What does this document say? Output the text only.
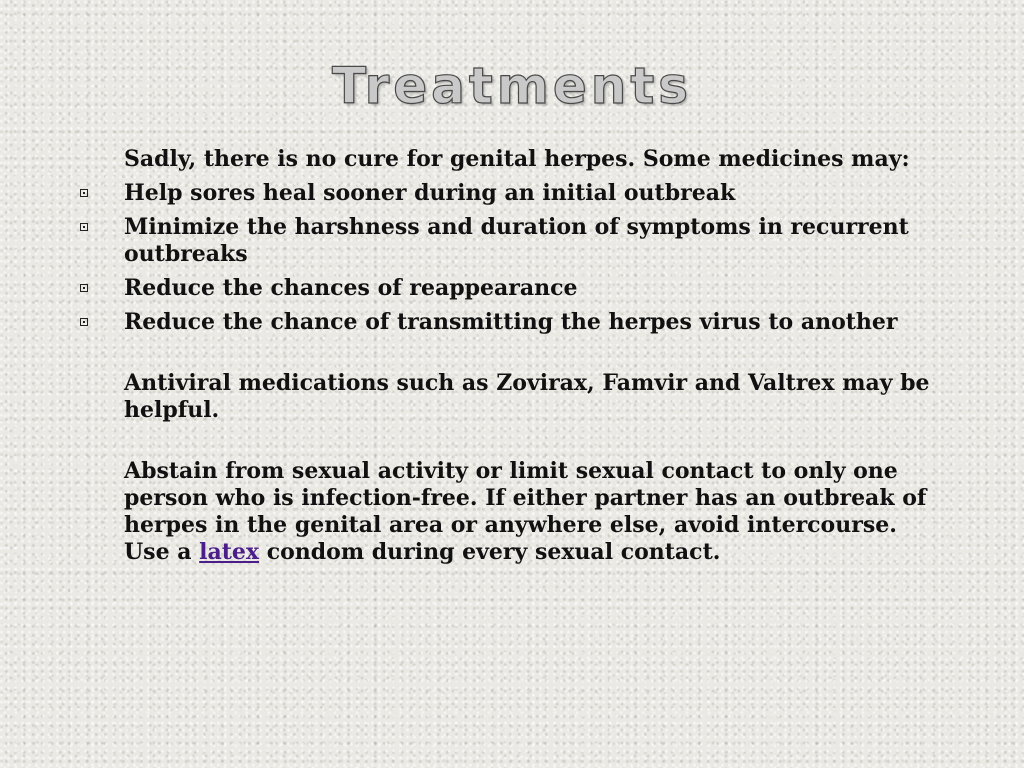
Treatments

Sadly, there is no cure for genital herpes. Some medicines may:

Help sores heal sooner during an initial outbreak
Minimize the harshness and duration of symptoms in recurrent outbreaks
Reduce the chances of reappearance
Reduce the chance of transmitting the herpes virus to another

Antiviral medications such as Zovirax, Famvir and Valtrex may be helpful.

Abstain from sexual activity or limit sexual contact to only one person who is infection-free. If either partner has an outbreak of herpes in the genital area or anywhere else, avoid intercourse.
Use a latex condom during every sexual contact.
